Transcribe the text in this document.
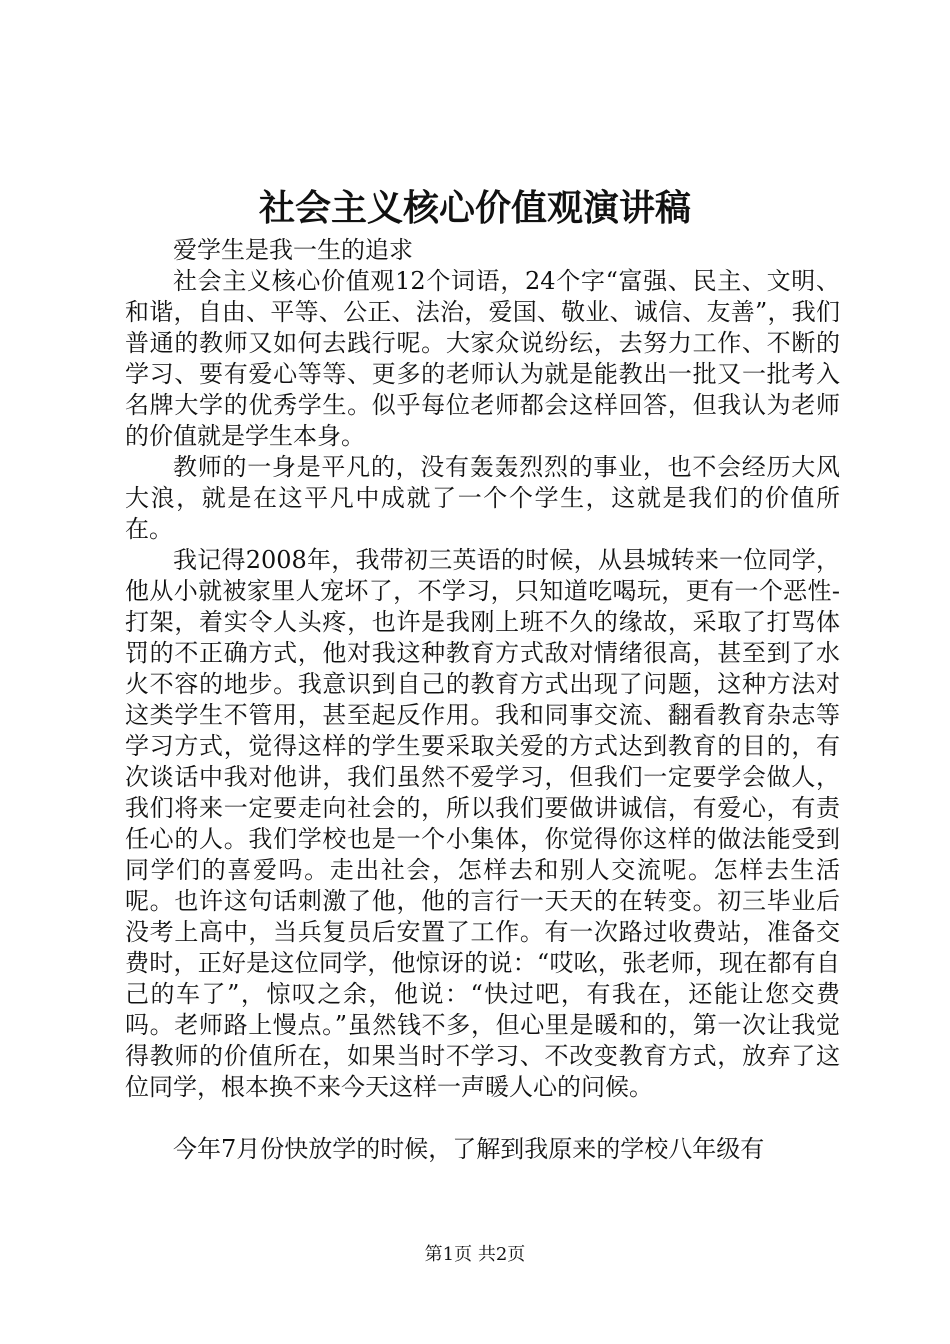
社会主义核心价值观演讲稿

爱学生是我一生的追求

社会主义核心价值观12个词语，24个字“富强、民主、文明、和谐，自由、平等、公正、法治，爱国、敬业、诚信、友善”，我们普通的教师又如何去践行呢。大家众说纷纭，去努力工作、不断的学习、要有爱心等等、更多的老师认为就是能教出一批又一批考入名牌大学的优秀学生。似乎每位老师都会这样回答，但我认为老师的价值就是学生本身。

教师的一身是平凡的，没有轰轰烈烈的事业，也不会经历大风大浪，就是在这平凡中成就了一个个学生，这就是我们的价值所在。

我记得2008年，我带初三英语的时候，从县城转来一位同学，他从小就被家里人宠坏了，不学习，只知道吃喝玩，更有一个恶性-打架，着实令人头疼，也许是我刚上班不久的缘故，采取了打骂体罚的不正确方式，他对我这种教育方式敌对情绪很高，甚至到了水火不容的地步。我意识到自己的教育方式出现了问题，这种方法对这类学生不管用，甚至起反作用。我和同事交流、翻看教育杂志等学习方式，觉得这样的学生要采取关爱的方式达到教育的目的，有次谈话中我对他讲，我们虽然不爱学习，但我们一定要学会做人，我们将来一定要走向社会的，所以我们要做讲诚信，有爱心，有责任心的人。我们学校也是一个小集体，你觉得你这样的做法能受到同学们的喜爱吗。走出社会，怎样去和别人交流呢。怎样去生活呢。也许这句话刺激了他，他的言行一天天的在转变。初三毕业后没考上高中，当兵复员后安置了工作。有一次路过收费站，准备交费时，正好是这位同学，他惊讶的说：“哎吆，张老师，现在都有自己的车了”，惊叹之余，他说：“快过吧，有我在，还能让您交费吗。老师路上慢点。”虽然钱不多，但心里是暖和的，第一次让我觉得教师的价值所在，如果当时不学习、不改变教育方式，放弃了这位同学，根本换不来今天这样一声暖人心的问候。

今年7月份快放学的时候，了解到我原来的学校八年级有

第1页 共2页
